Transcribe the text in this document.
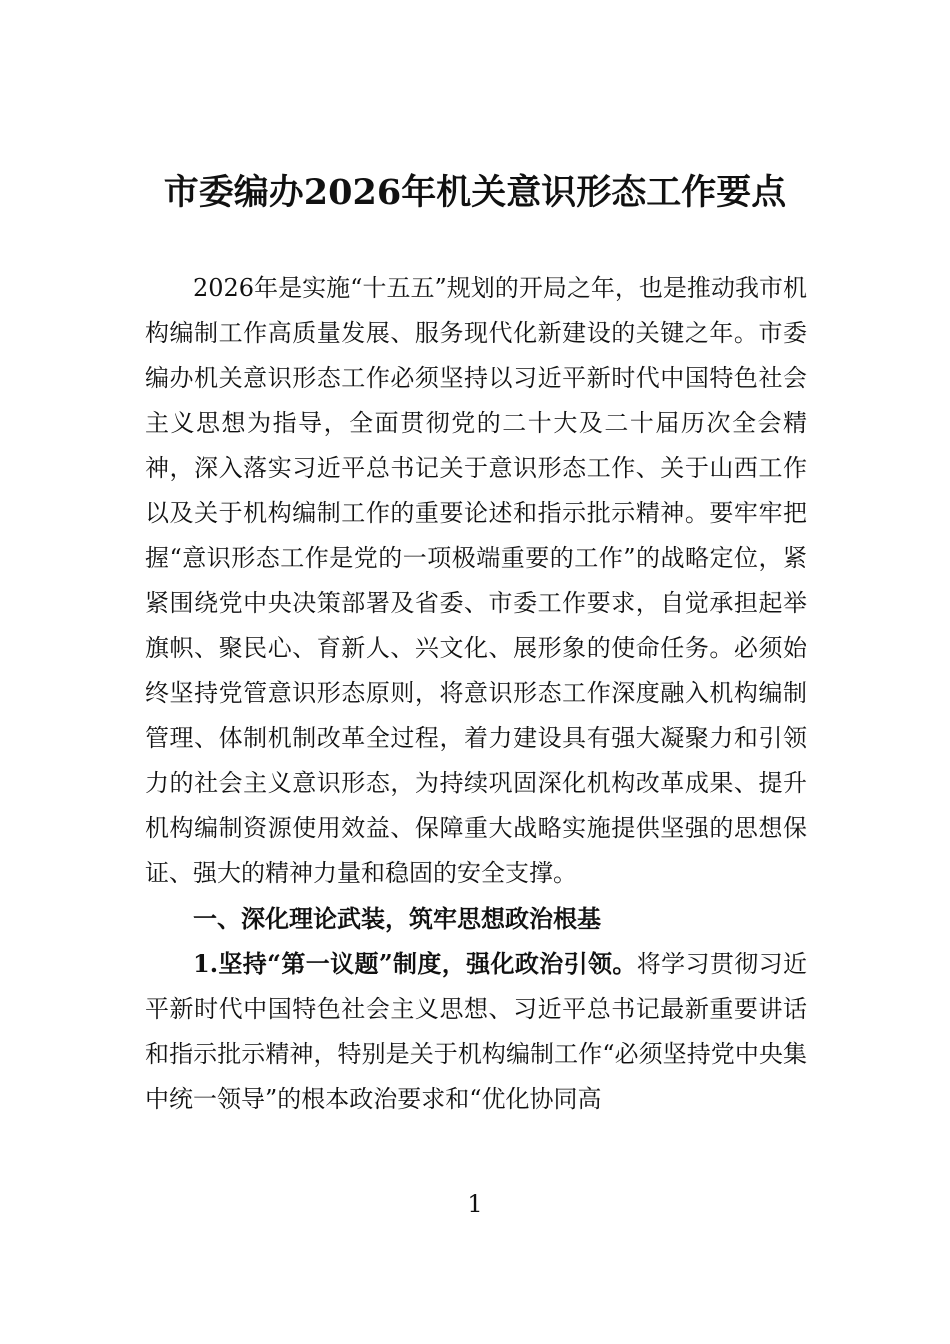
市委编办2026年机关意识形态工作要点

2026年是实施“十五五”规划的开局之年，也是推动我市机构编制工作高质量发展、服务现代化新建设的关键之年。市委编办机关意识形态工作必须坚持以习近平新时代中国特色社会主义思想为指导，全面贯彻党的二十大及二十届历次全会精神，深入落实习近平总书记关于意识形态工作、关于山西工作以及关于机构编制工作的重要论述和指示批示精神。要牢牢把握“意识形态工作是党的一项极端重要的工作”的战略定位，紧紧围绕党中央决策部署及省委、市委工作要求，自觉承担起举旗帜、聚民心、育新人、兴文化、展形象的使命任务。必须始终坚持党管意识形态原则，将意识形态工作深度融入机构编制管理、体制机制改革全过程，着力建设具有强大凝聚力和引领力的社会主义意识形态，为持续巩固深化机构改革成果、提升机构编制资源使用效益、保障重大战略实施提供坚强的思想保证、强大的精神力量和稳固的安全支撑。

一、深化理论武装，筑牢思想政治根基

1.坚持“第一议题”制度，强化政治引领。将学习贯彻习近平新时代中国特色社会主义思想、习近平总书记最新重要讲话和指示批示精神，特别是关于机构编制工作“必须坚持党中央集中统一领导”的根本政治要求和“优化协同高

1
